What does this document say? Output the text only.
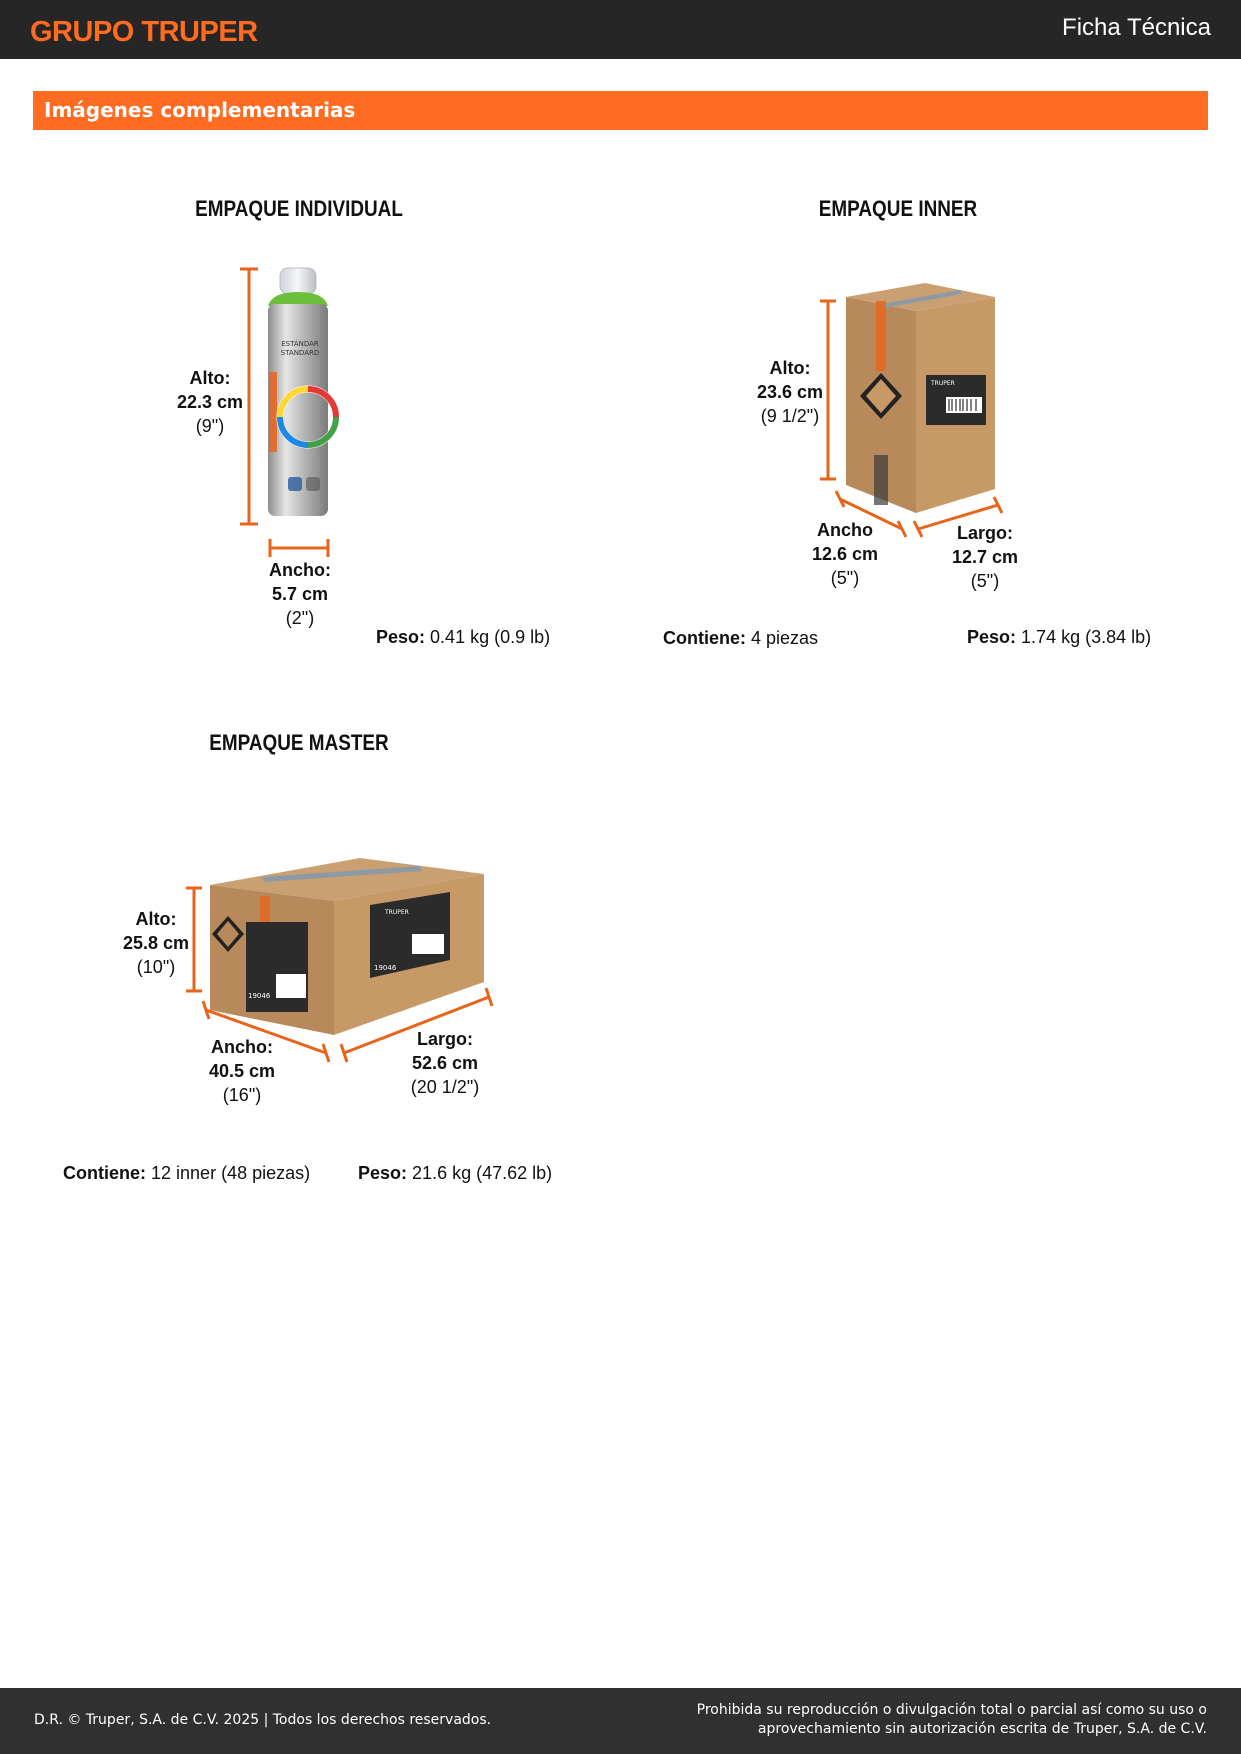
GRUPO TRUPER	Ficha Técnica
Imágenes complementarias
EMPAQUE INDIVIDUAL
ESTÁNDAR
STANDARD
Alto:
22.3 cm
(9")
Ancho:
5.7 cm
(2")
Peso: 0.41 kg (0.9 lb)
EMPAQUE INNER
TRUPER
Alto:
23.6 cm
(9 1/2")
Ancho
12.6 cm
(5")
Largo:
12.7 cm
(5")
Contiene: 4 piezas	Peso: 1.74 kg (3.84 lb)
EMPAQUE MASTER
19046
TRUPER
19046
Alto:
25.8 cm
(10")
Ancho:
40.5 cm
(16")
Largo:
52.6 cm
(20 1/2")
Contiene: 12 inner (48 piezas)	Peso: 21.6 kg (47.62 lb)
D.R. © Truper, S.A. de C.V. 2025 | Todos los derechos reservados.
Prohibida su reproducción o divulgación total o parcial así como su uso o
aprovechamiento sin autorización escrita de Truper, S.A. de C.V.
